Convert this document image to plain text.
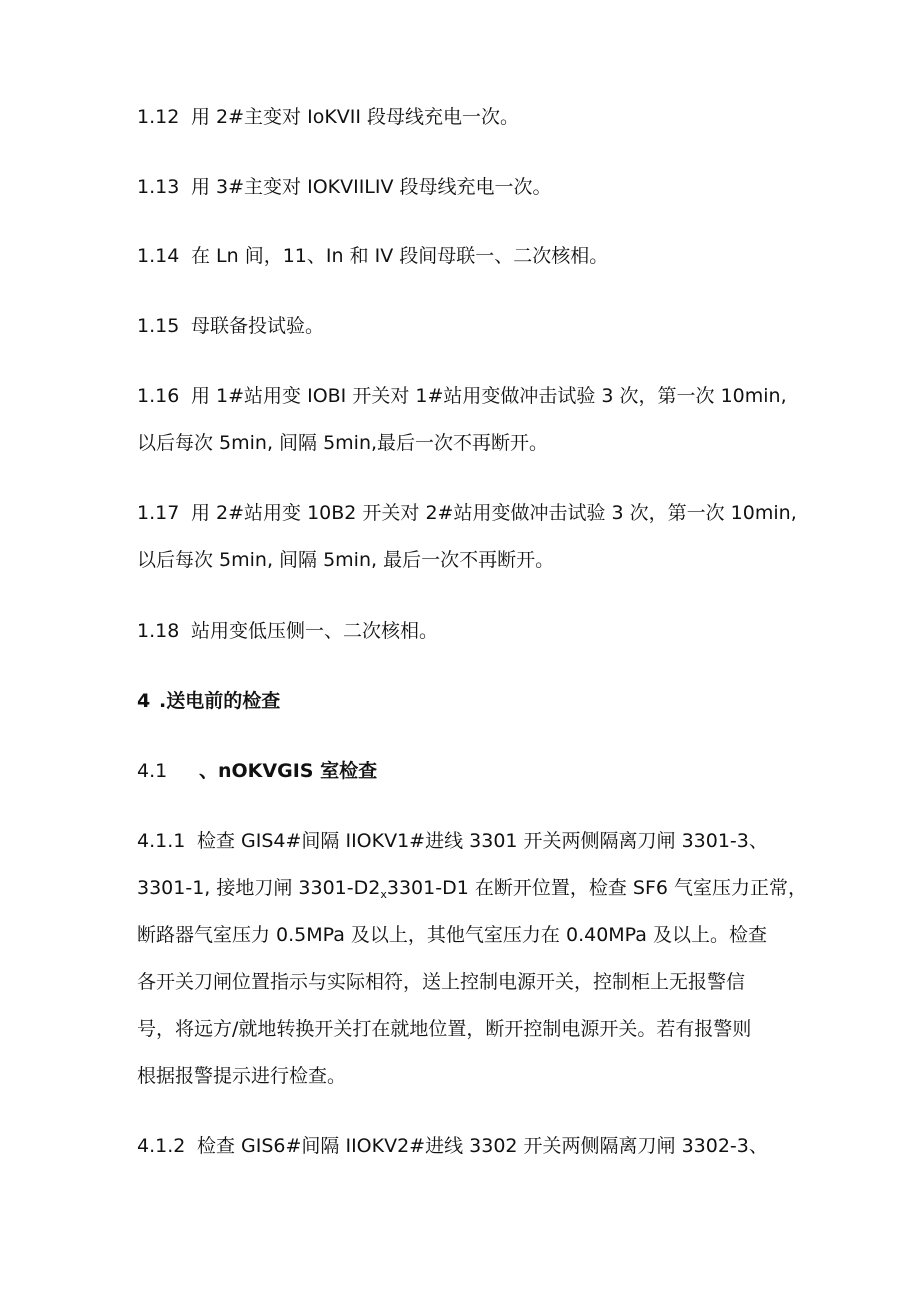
1.12 用 2#主变对 IoKVII 段母线充电一次。
1.13 用 3#主变对 IOKVIILIV 段母线充电一次。
1.14 在 Ln 间，11、In 和 IV 段间母联一、二次核相。
1.15 母联备投试验。
1.16 用 1#站用变 IOBI 开关对 1#站用变做冲击试验 3 次，第一次 10min,
以后每次 5min, 间隔 5min,最后一次不再断开。
1.17 用 2#站用变 10B2 开关对 2#站用变做冲击试验 3 次，第一次 10min,
以后每次 5min, 间隔 5min, 最后一次不再断开。
1.18 站用变低压侧一、二次核相。
4 .送电前的检查
4.1 、nOKVGIS 室检查
4.1.1 检查 GIS4#间隔 IIOKV1#进线 3301 开关两侧隔离刀闸 3301-3、
3301-1, 接地刀闸 $3301-D2_x3301-D1$ 在断开位置，检查 SF6 气室压力正常，
断路器气室压力 0.5MPa 及以上，其他气室压力在 0.40MPa 及以上。检查
各开关刀闸位置指示与实际相符，送上控制电源开关，控制柜上无报警信
号，将远方/就地转换开关打在就地位置，断开控制电源开关。若有报警则
根据报警提示进行检查。
4.1.2 检查 GIS6#间隔 IIOKV2#进线 3302 开关两侧隔离刀闸 3302-3、
